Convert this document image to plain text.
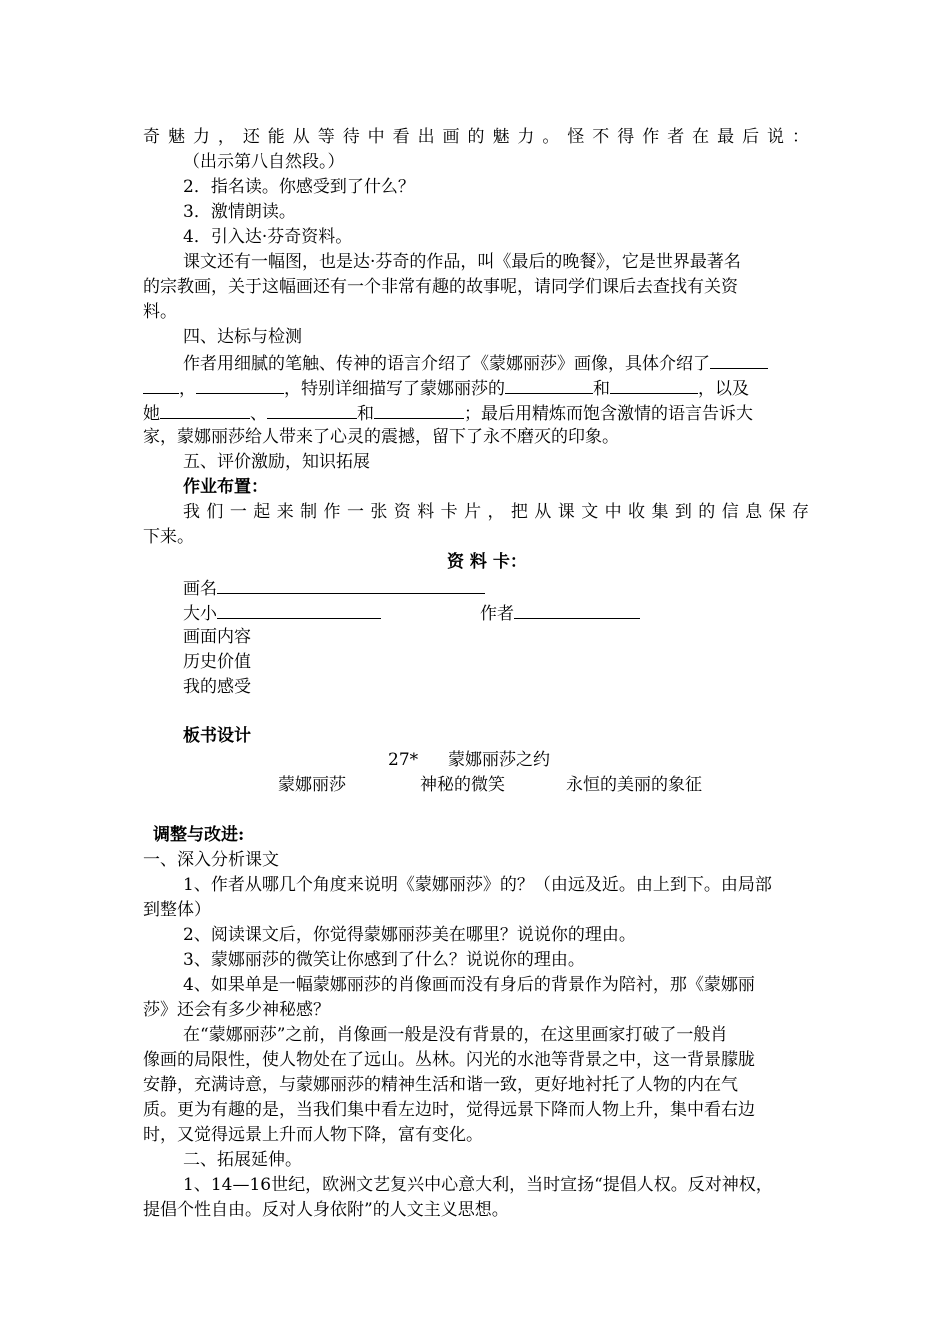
奇魅力，还能从等待中看出画的魅力。怪不得作者在最后说：
（出示第八自然段。）
2．指名读。你感受到了什么？
3．激情朗读。
4．引入达·芬奇资料。
课文还有一幅图，也是达·芬奇的作品，叫《最后的晚餐》，它是世界最著名
的宗教画，关于这幅画还有一个非常有趣的故事呢，请同学们课后去查找有关资
料。
四、达标与检测
作者用细腻的笔触、传神的语言介绍了《蒙娜丽莎》画像，具体介绍了
，	，特别详细描写了蒙娜丽莎的	和	，以及
她	、	和	；最后用精炼而饱含激情的语言告诉大
家，蒙娜丽莎给人带来了心灵的震撼，留下了永不磨灭的印象。
五、评价激励，知识拓展
作业布置：
我们一起来制作一张资料卡片，把从课文中收集到的信息保存
下来。
资 料 卡：
画名
大小	作者
画面内容
历史价值
我的感受
板书设计
27* 蒙娜丽莎之约
蒙娜丽莎	神秘的微笑	永恒的美丽的象征
调整与改进:
一、深入分析课文
1、作者从哪几个角度来说明《蒙娜丽莎》的？（由远及近。由上到下。由局部
到整体）
2、阅读课文后，你觉得蒙娜丽莎美在哪里？说说你的理由。
3、蒙娜丽莎的微笑让你感到了什么？说说你的理由。
4、如果单是一幅蒙娜丽莎的肖像画而没有身后的背景作为陪衬，那《蒙娜丽
莎》还会有多少神秘感？
在“蒙娜丽莎”之前，肖像画一般是没有背景的，在这里画家打破了一般肖
像画的局限性，使人物处在了远山。丛林。闪光的水池等背景之中，这一背景朦胧
安静，充满诗意，与蒙娜丽莎的精神生活和谐一致，更好地衬托了人物的内在气
质。更为有趣的是，当我们集中看左边时，觉得远景下降而人物上升，集中看右边
时，又觉得远景上升而人物下降，富有变化。
二、拓展延伸。
1、14—16世纪，欧洲文艺复兴中心意大利，当时宣扬“提倡人权。反对神权，
提倡个性自由。反对人身依附”的人文主义思想。
